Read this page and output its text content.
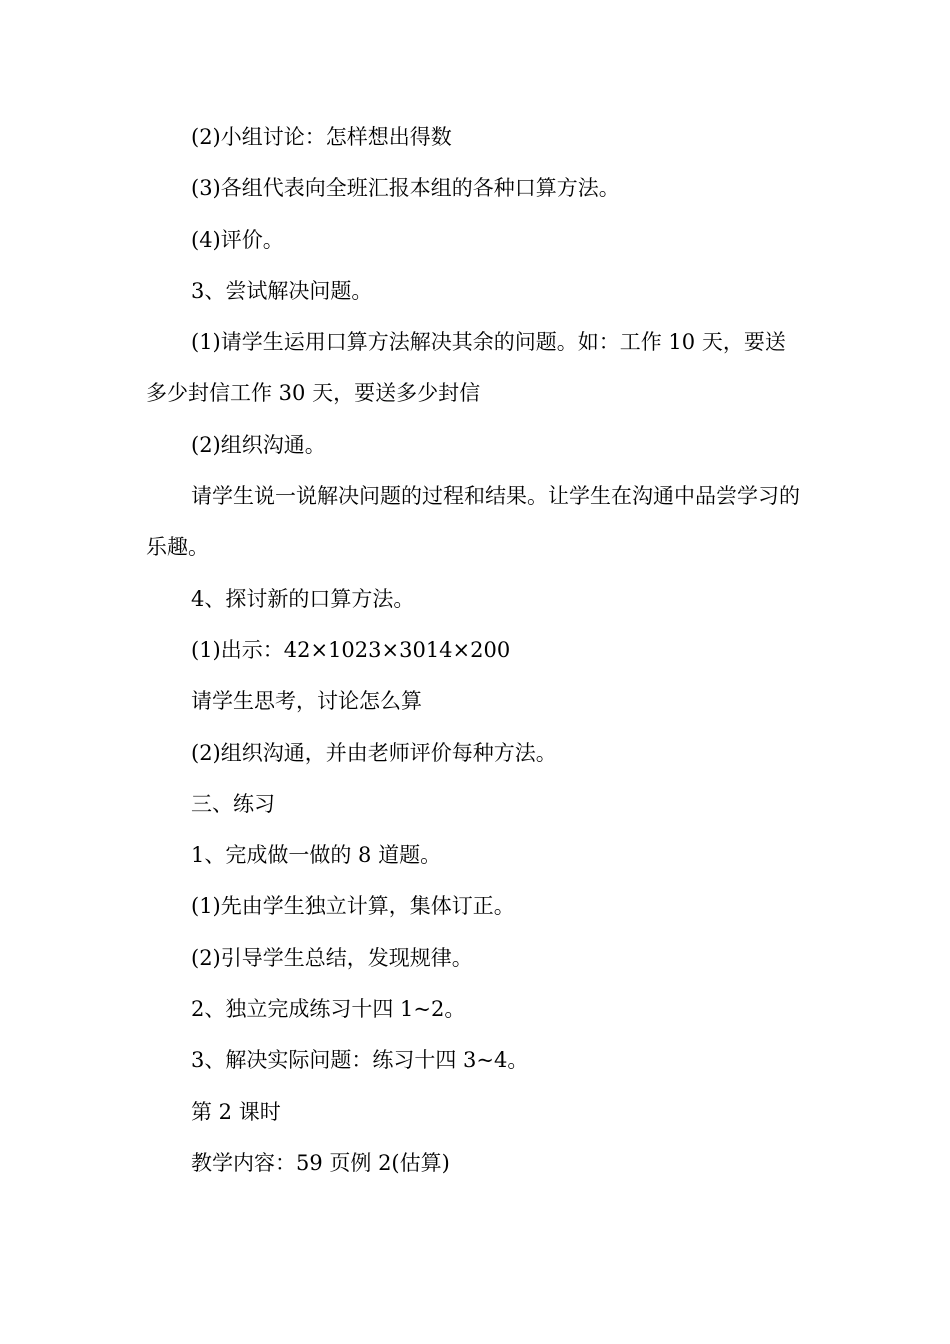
(2)小组讨论：怎样想出得数

(3)各组代表向全班汇报本组的各种口算方法。

(4)评价。

3、尝试解决问题。

(1)请学生运用口算方法解决其余的问题。如：工作 10 天，要送多少封信工作 30 天，要送多少封信

(2)组织沟通。

请学生说一说解决问题的过程和结果。让学生在沟通中品尝学习的乐趣。

4、探讨新的口算方法。

(1)出示：42×1023×3014×200

请学生思考，讨论怎么算

(2)组织沟通，并由老师评价每种方法。

三、练习

1、完成做一做的 8 道题。

(1)先由学生独立计算，集体订正。

(2)引导学生总结，发现规律。

2、独立完成练习十四 1~2。

3、解决实际问题：练习十四 3~4。

第 2 课时

教学内容：59 页例 2(估算)
